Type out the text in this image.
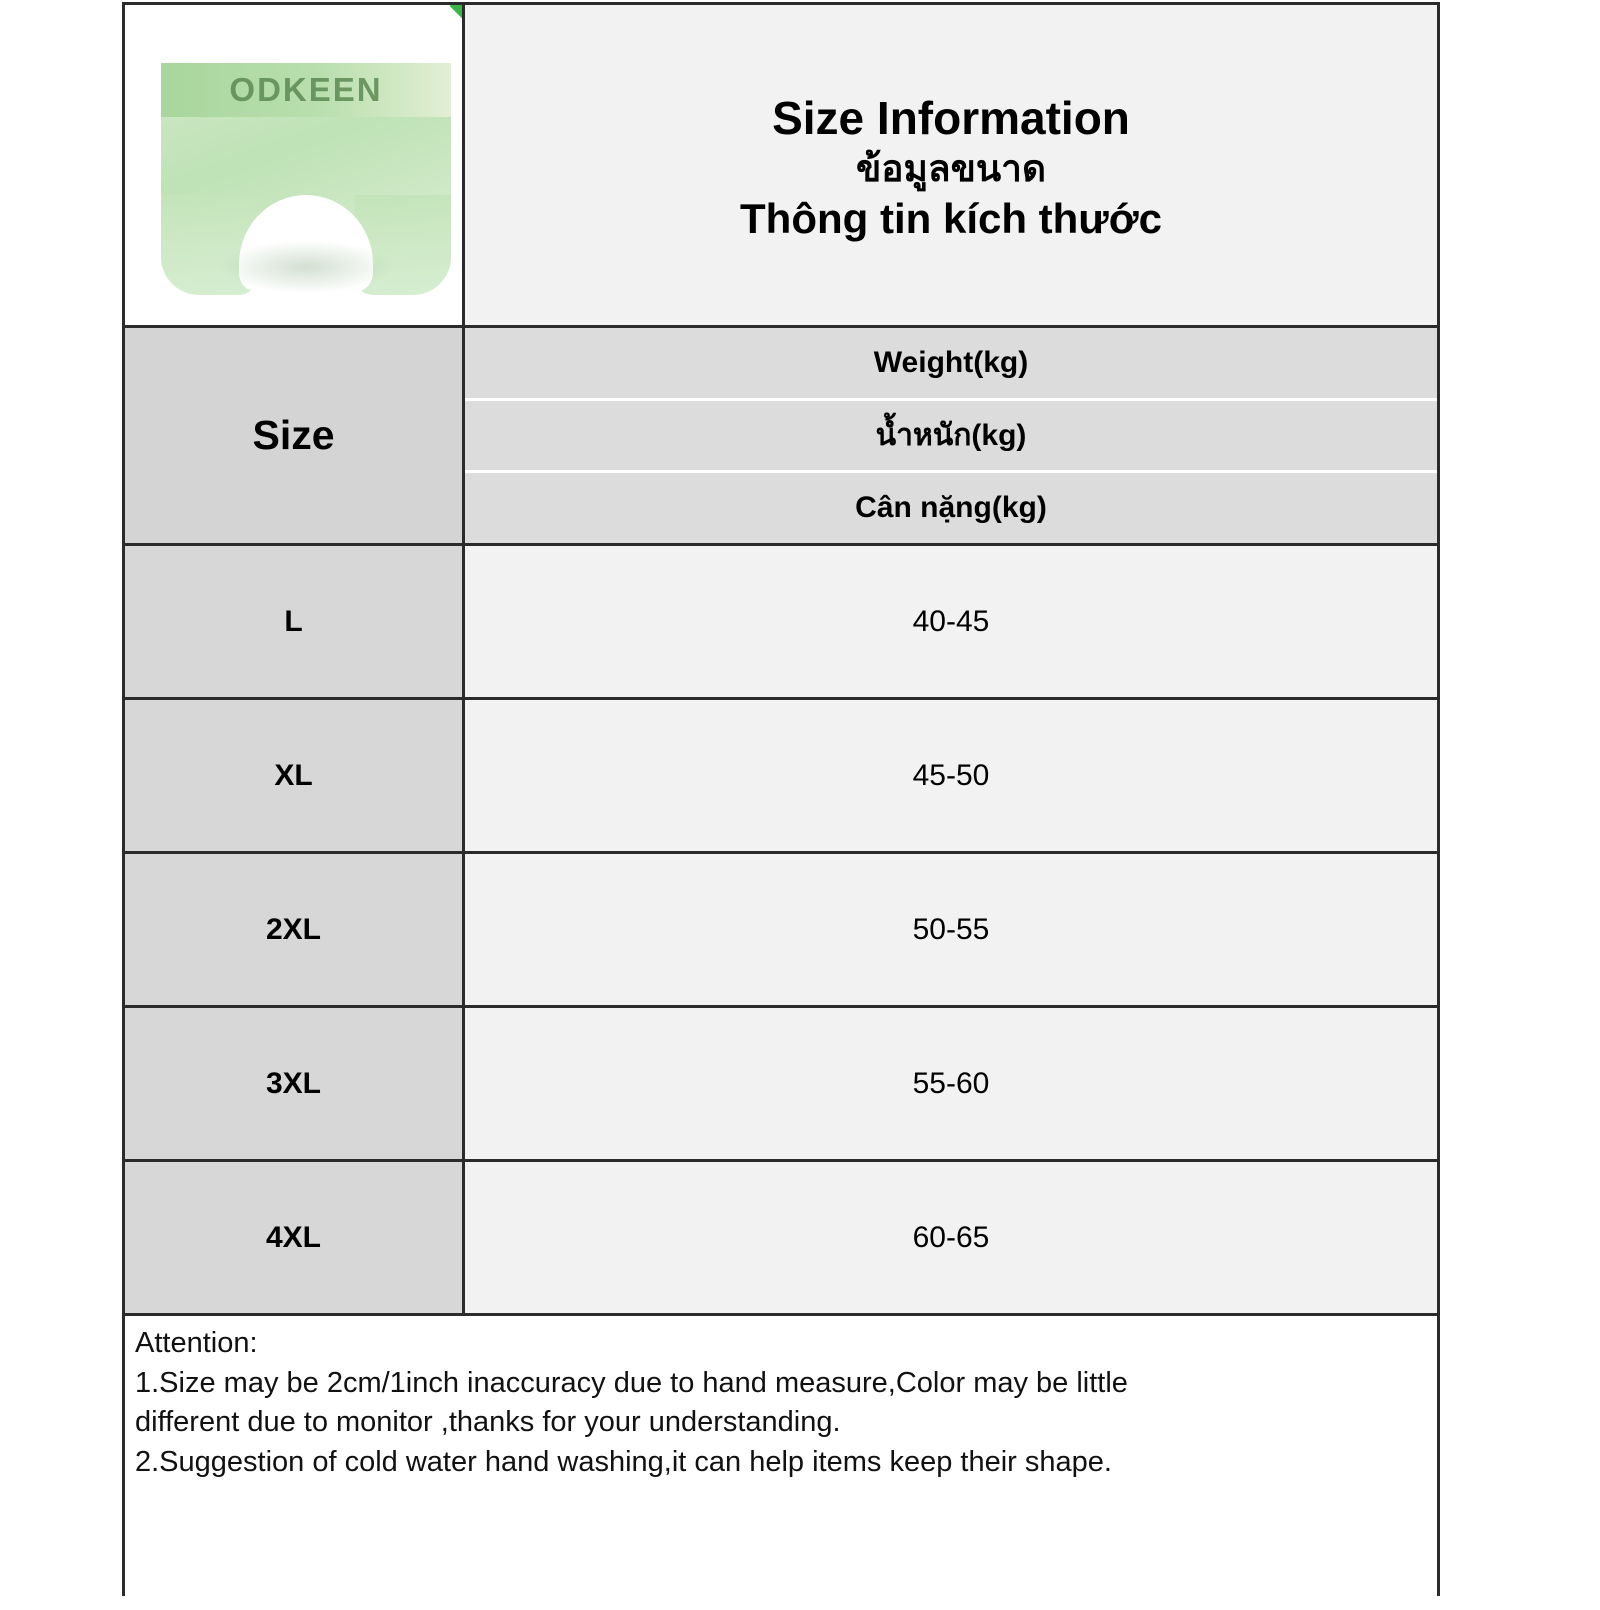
ODKEEN
Size Information
ข้อมูลขนาด
Thông tin kích thước
Size
Weight(kg)
น้ำหนัก(kg)
Cân nặng(kg)
L	40-45
XL	45-50
2XL	50-55
3XL	55-60
4XL	60-65
Attention:
1.Size may be 2cm/1inch inaccuracy due to hand measure,Color may be little
different due to monitor ,thanks for your understanding.
2.Suggestion of cold water hand washing,it can help items keep their shape.
